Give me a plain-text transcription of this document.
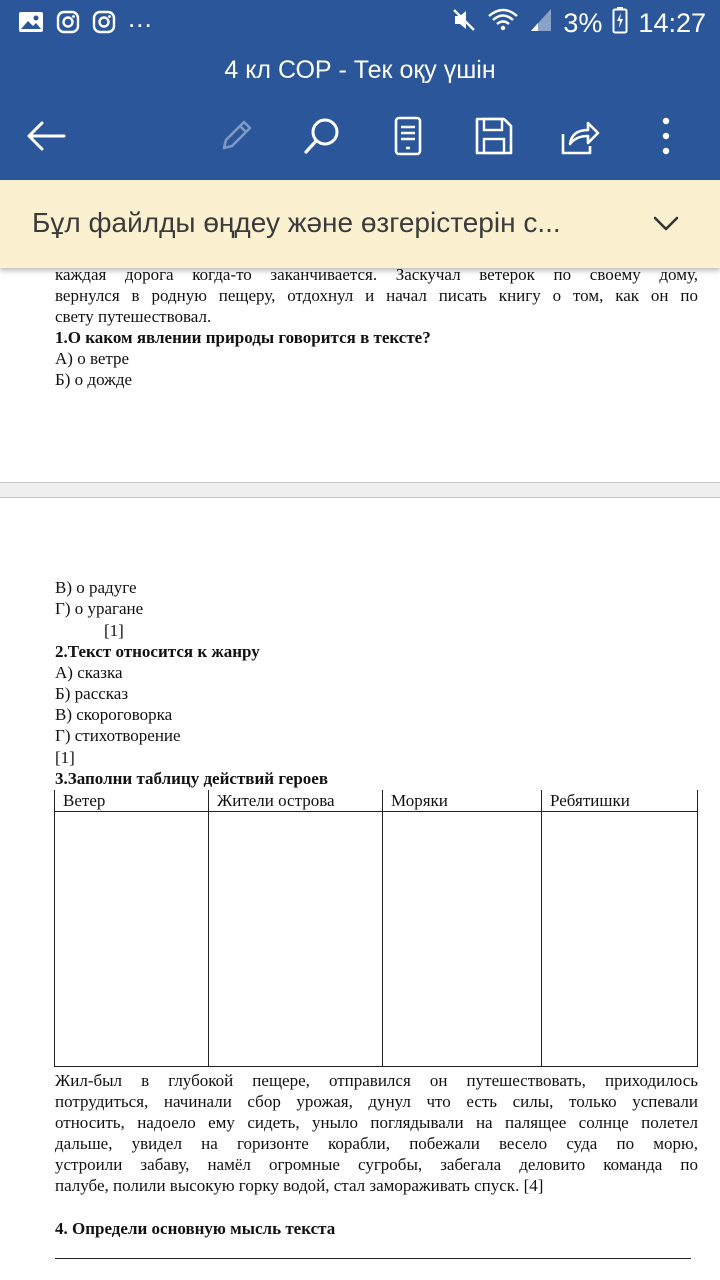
...	3% 14:27
4 кл СОР - Тек оқу үшін
Бұл файлды өңдеу және өзгерістерін с...

каждая дорога когда-то заканчивается. Заскучал ветерок по своему дому,

вернулся в родную пещеру, отдохнул и начал писать книгу о том, как он по

свету путешествовал.

1.О каком явлении природы говорится в тексте?

А) о ветре

Б) о дожде

В) о радуге

Г) о урагане

[1]

2.Текст относится к жанру

А) сказка

Б) рассказ

В) скороговорка

Г) стихотворение

[1]

3.Заполни таблицу действий героев

Ветер	Жители острова	Моряки	Ребятишки

Жил-был в глубокой пещере, отправился он путешествовать, приходилось

потрудиться, начинали сбор урожая, дунул что есть силы, только успевали

относить, надоело ему сидеть, уныло поглядывали на палящее солнце полетел

дальше, увидел на горизонте корабли, побежали весело суда по морю,

устроили забаву, намёл огромные сугробы, забегала деловито команда по

палубе, полили высокую горку водой, стал замораживать спуск. [4]

4. Определи основную мысль текста
